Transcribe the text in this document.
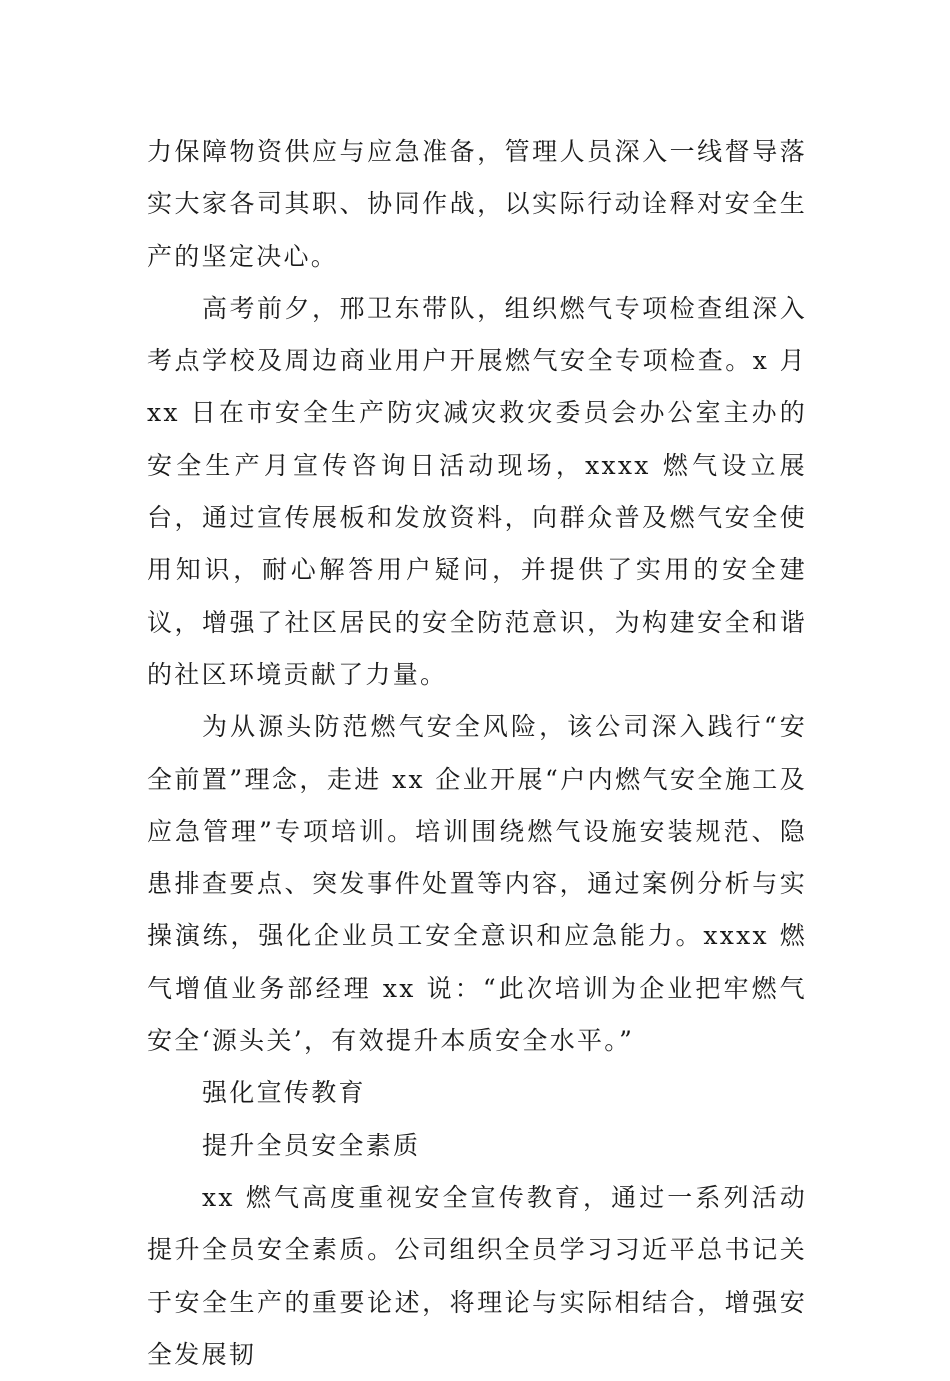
力保障物资供应与应急准备，管理人员深入一线督导落实大家各司其职、协同作战，以实际行动诠释对安全生产的坚定决心。

高考前夕，邢卫东带队，组织燃气专项检查组深入考点学校及周边商业用户开展燃气安全专项检查。x 月 xx 日在市安全生产防灾减灾救灾委员会办公室主办的安全生产月宣传咨询日活动现场，xxxx 燃气设立展台，通过宣传展板和发放资料，向群众普及燃气安全使用知识，耐心解答用户疑问，并提供了实用的安全建议，增强了社区居民的安全防范意识，为构建安全和谐的社区环境贡献了力量。

为从源头防范燃气安全风险，该公司深入践行“安全前置”理念，走进 xx 企业开展“户内燃气安全施工及应急管理”专项培训。培训围绕燃气设施安装规范、隐患排查要点、突发事件处置等内容，通过案例分析与实操演练，强化企业员工安全意识和应急能力。xxxx 燃气增值业务部经理 xx 说：“此次培训为企业把牢燃气安全‘源头关’，有效提升本质安全水平。”

强化宣传教育
提升全员安全素质

xx 燃气高度重视安全宣传教育，通过一系列活动提升全员安全素质。公司组织全员学习习近平总书记关于安全生产的重要论述，将理论与实际相结合，增强安全发展韧
